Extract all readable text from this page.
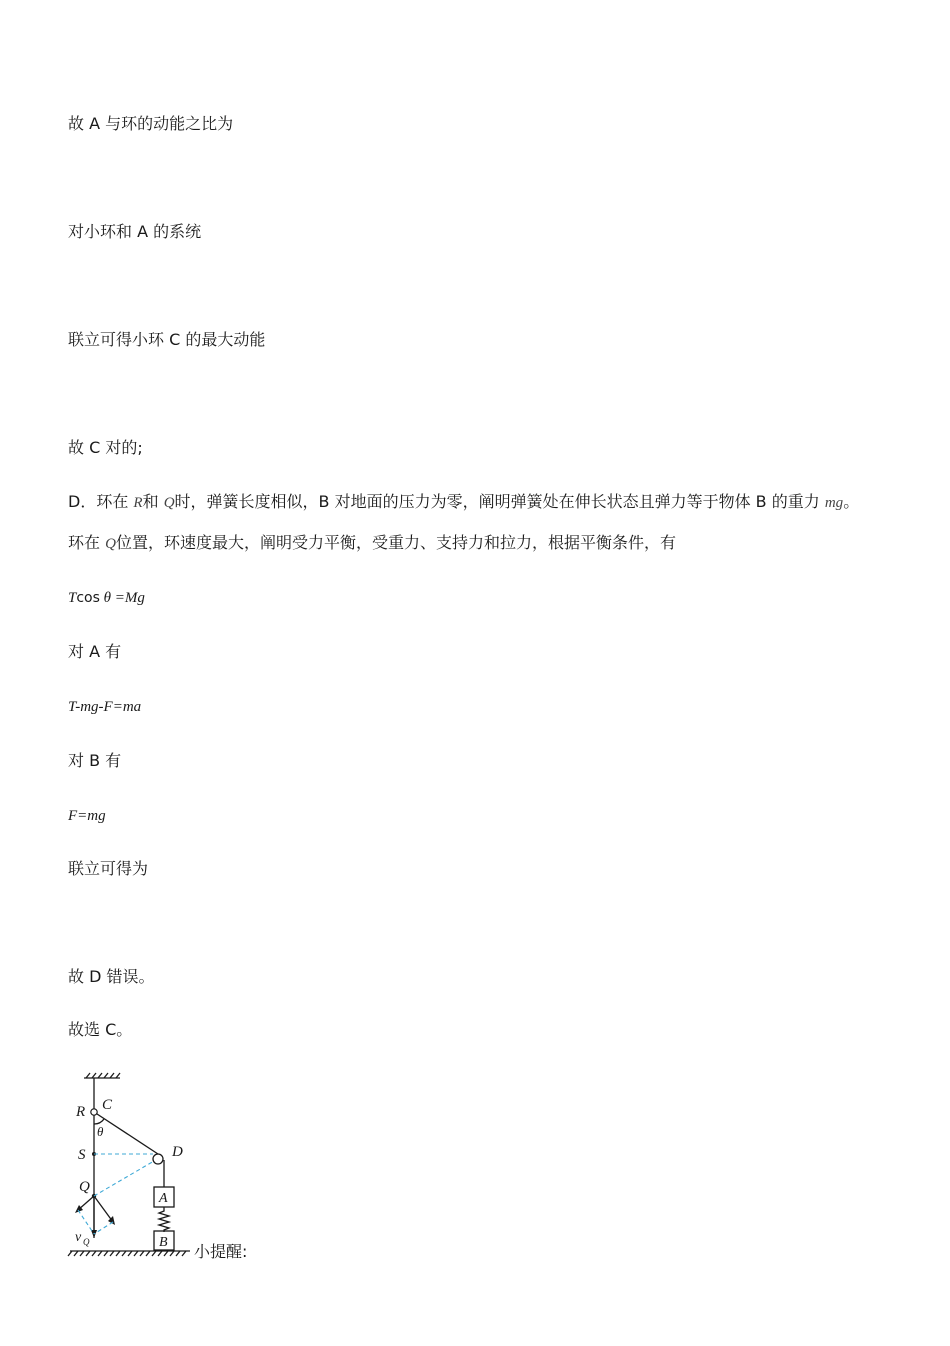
故 A 与环的动能之比为
对小环和 A 的系统
联立可得小环 C 的最大动能
故 C 对的;
D．环在 R和 Q时，弹簧长度相似，B 对地面的压力为零，阐明弹簧处在伸长状态且弹力等于物体 B 的重力 mg。
环在 Q位置，环速度最大，阐明受力平衡，受重力、支持力和拉力，根据平衡条件，有
Tcos θ =Mg
对 A 有
T-mg-F=ma
对 B 有
F=mg
联立可得为
故 D 错误。
故选 C。
R C
θ
D
S
Q
A
B
v Q	小提醒:
